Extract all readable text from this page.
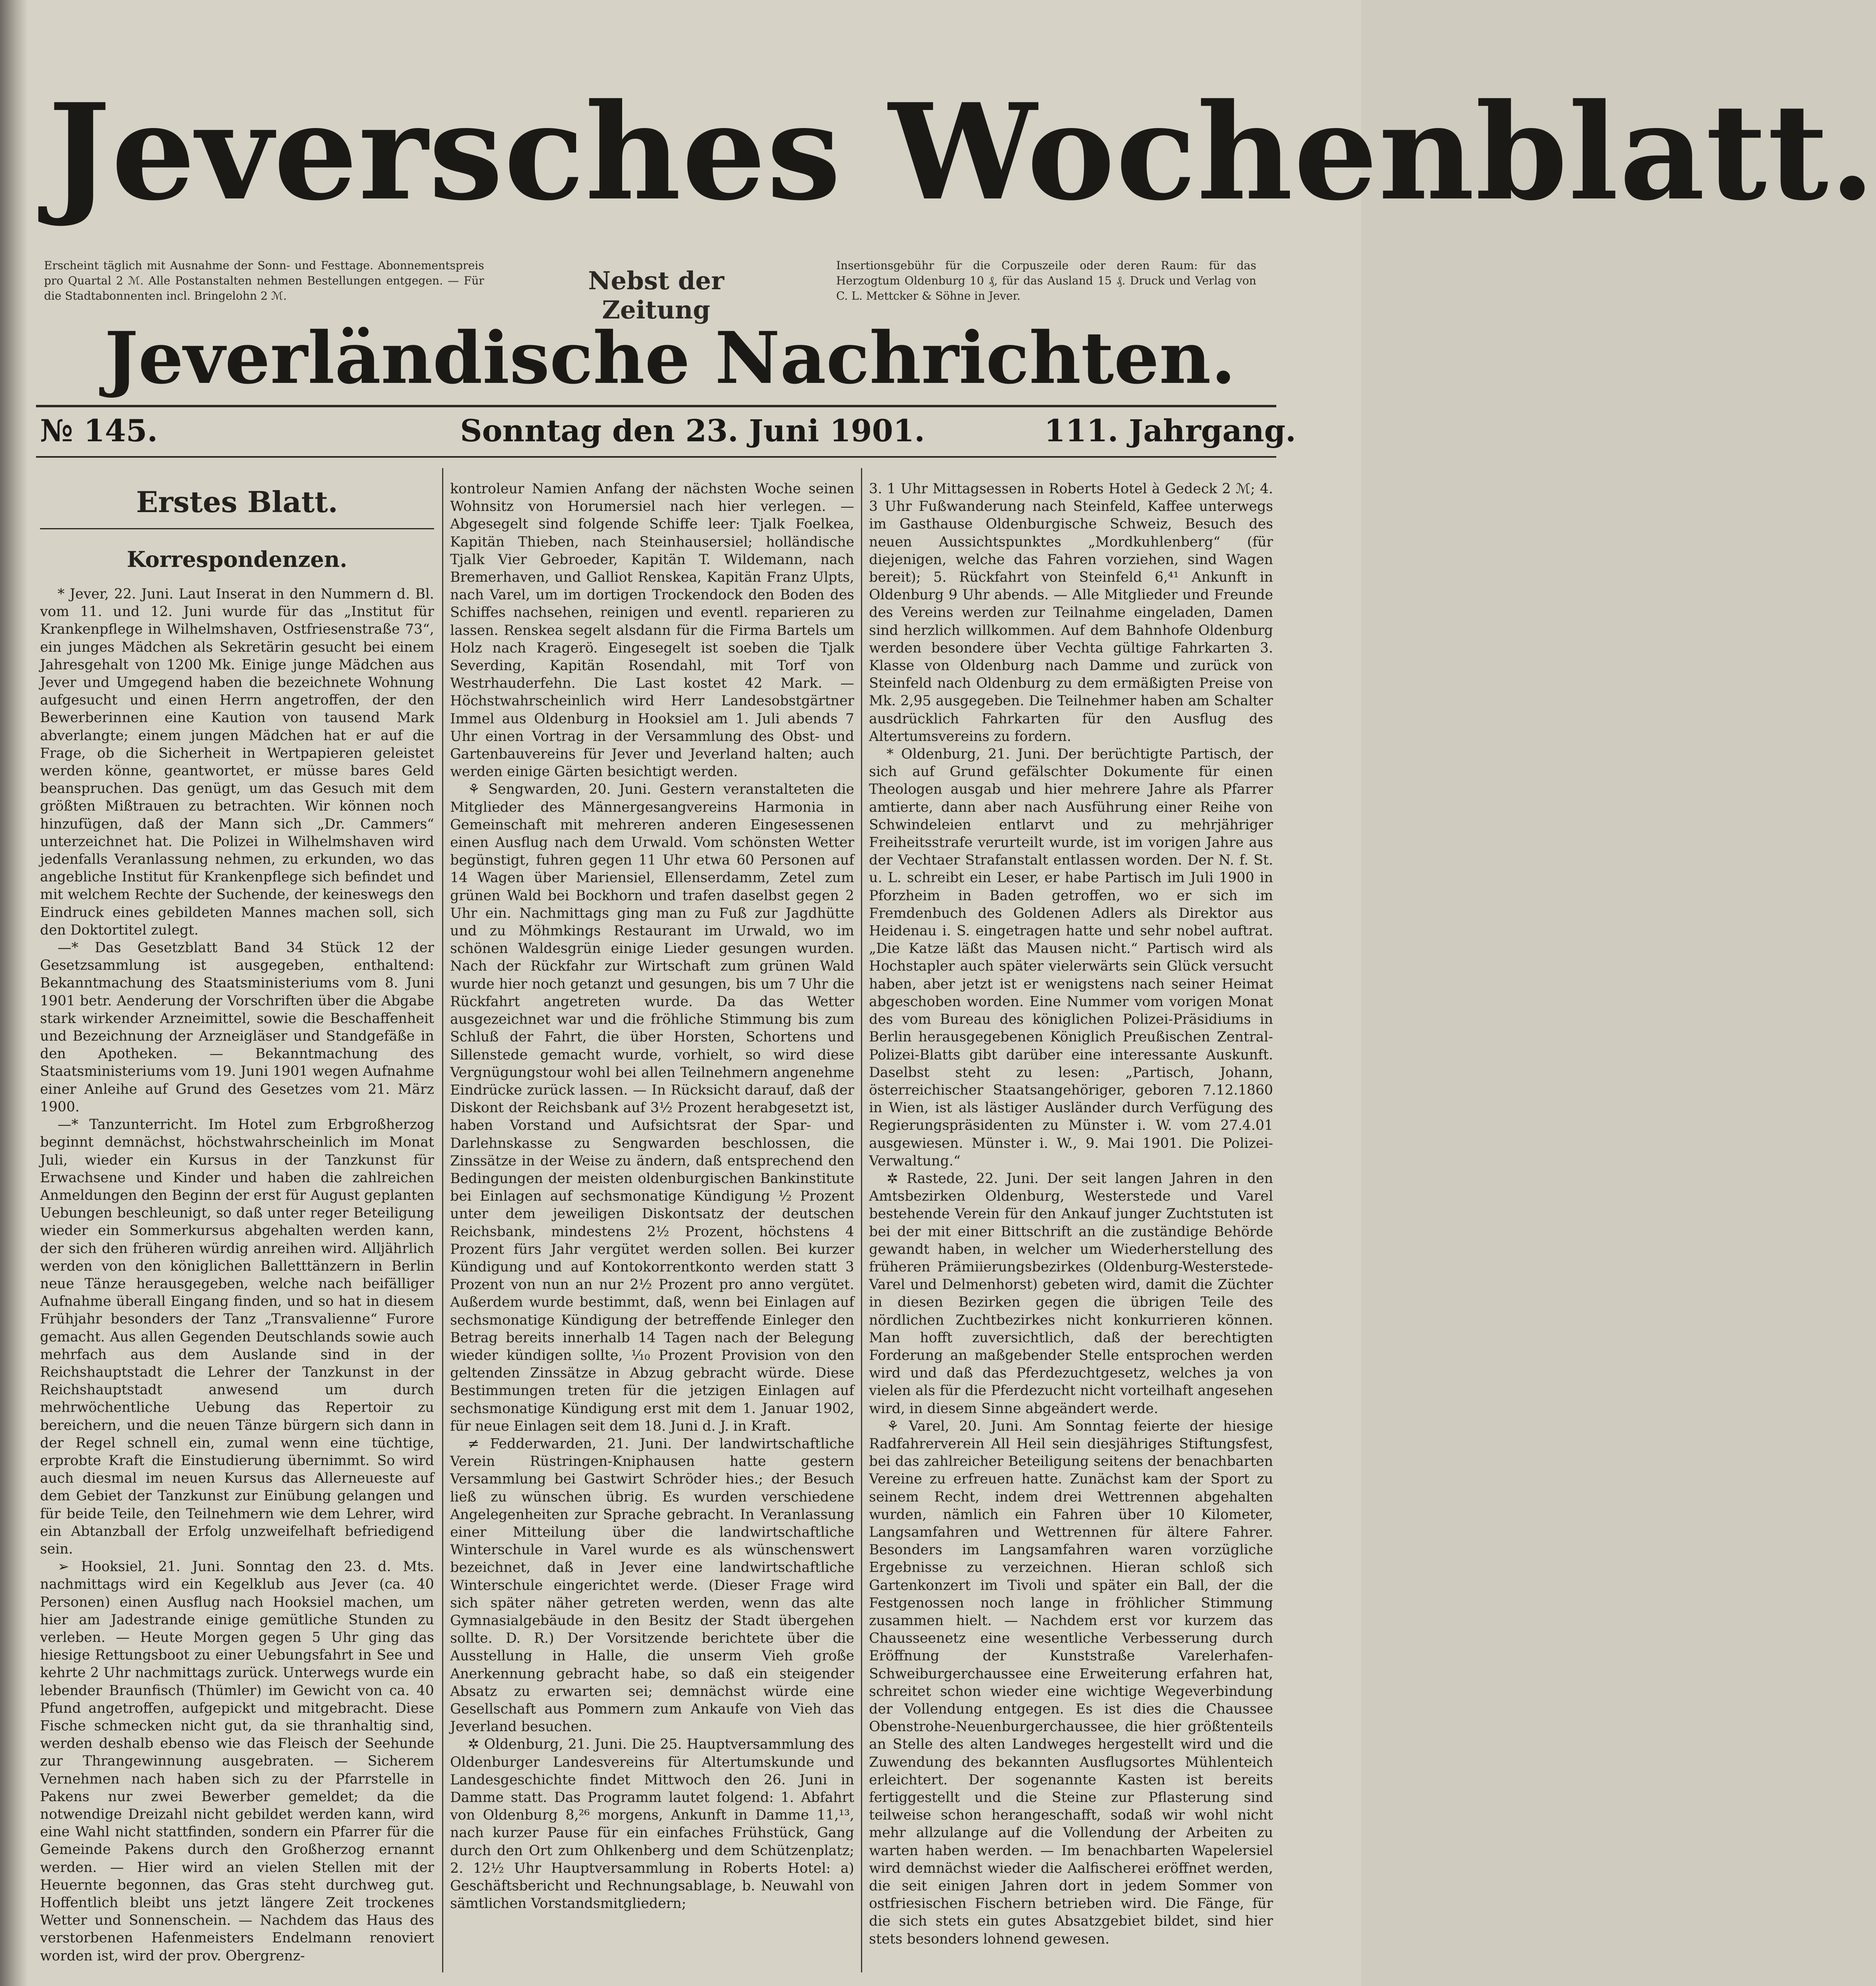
Jeversches Wochenblatt.
Erscheint täglich mit Ausnahme der Sonn- und Festtage. Abonnementspreis pro Quartal 2 ℳ. Alle Postanstalten nehmen Bestellungen entgegen. — Für die Stadtabonnenten incl. Bringelohn 2 ℳ.
Nebst der Zeitung
Insertionsgebühr für die Corpuszeile oder deren Raum: für das Herzogtum Oldenburg 10 ₰, für das Ausland 15 ₰. Druck und Verlag von C. L. Mettcker & Söhne in Jever.
Jeverländische Nachrichten.
№ 145.	Sonntag den 23. Juni 1901.	111. Jahrgang.
Erstes Blatt.
Korrespondenzen.

* Jever, 22. Juni. Laut Inserat in den Nummern d. Bl. vom 11. und 12. Juni wurde für das „Institut für Krankenpflege in Wilhelmshaven, Ostfriesenstraße 73“, ein junges Mädchen als Sekretärin gesucht bei einem Jahresgehalt von 1200 Mk. Einige junge Mädchen aus Jever und Umgegend haben die bezeichnete Wohnung aufgesucht und einen Herrn angetroffen, der den Bewerberinnen eine Kaution von tausend Mark abverlangte; einem jungen Mädchen hat er auf die Frage, ob die Sicherheit in Wertpapieren geleistet werden könne, geantwortet, er müsse bares Geld beanspruchen. Das genügt, um das Gesuch mit dem größten Mißtrauen zu betrachten. Wir können noch hinzufügen, daß der Mann sich „Dr. Cammers“ unterzeichnet hat. Die Polizei in Wilhelmshaven wird jedenfalls Veranlassung nehmen, zu erkunden, wo das angebliche Institut für Krankenpflege sich befindet und mit welchem Rechte der Suchende, der keineswegs den Eindruck eines gebildeten Mannes machen soll, sich den Doktortitel zulegt.

—* Das Gesetzblatt Band 34 Stück 12 der Gesetzsammlung ist ausgegeben, enthaltend: Bekanntmachung des Staatsministeriums vom 8. Juni 1901 betr. Aenderung der Vorschriften über die Abgabe stark wirkender Arzneimittel, sowie die Beschaffenheit und Bezeichnung der Arzneigläser und Standgefäße in den Apotheken. — Bekanntmachung des Staatsministeriums vom 19. Juni 1901 wegen Aufnahme einer Anleihe auf Grund des Gesetzes vom 21. März 1900.

—* Tanzunterricht. Im Hotel zum Erbgroßherzog beginnt demnächst, höchstwahrscheinlich im Monat Juli, wieder ein Kursus in der Tanzkunst für Erwachsene und Kinder und haben die zahlreichen Anmeldungen den Beginn der erst für August geplanten Uebungen beschleunigt, so daß unter reger Beteiligung wieder ein Sommerkursus abgehalten werden kann, der sich den früheren würdig anreihen wird. Alljährlich werden von den königlichen Balletttänzern in Berlin neue Tänze herausgegeben, welche nach beifälliger Aufnahme überall Eingang finden, und so hat in diesem Frühjahr besonders der Tanz „Transvalienne“ Furore gemacht. Aus allen Gegenden Deutschlands sowie auch mehrfach aus dem Auslande sind in der Reichshauptstadt die Lehrer der Tanzkunst in der Reichshauptstadt anwesend um durch mehrwöchentliche Uebung das Repertoir zu bereichern, und die neuen Tänze bürgern sich dann in der Regel schnell ein, zumal wenn eine tüchtige, erprobte Kraft die Einstudierung übernimmt. So wird auch diesmal im neuen Kursus das Allerneueste auf dem Gebiet der Tanzkunst zur Einübung gelangen und für beide Teile, den Teilnehmern wie dem Lehrer, wird ein Abtanzball der Erfolg unzweifelhaft befriedigend sein.

➢ Hooksiel, 21. Juni. Sonntag den 23. d. Mts. nachmittags wird ein Kegelklub aus Jever (ca. 40 Personen) einen Ausflug nach Hooksiel machen, um hier am Jadestrande einige gemütliche Stunden zu verleben. — Heute Morgen gegen 5 Uhr ging das hiesige Rettungsboot zu einer Uebungsfahrt in See und kehrte 2 Uhr nachmittags zurück. Unterwegs wurde ein lebender Braunfisch (Thümler) im Gewicht von ca. 40 Pfund angetroffen, aufgepickt und mitgebracht. Diese Fische schmecken nicht gut, da sie thranhaltig sind, werden deshalb ebenso wie das Fleisch der Seehunde zur Thrangewinnung ausgebraten. — Sicherem Vernehmen nach haben sich zu der Pfarrstelle in Pakens nur zwei Bewerber gemeldet; da die notwendige Dreizahl nicht gebildet werden kann, wird eine Wahl nicht stattfinden, sondern ein Pfarrer für die Gemeinde Pakens durch den Großherzog ernannt werden. — Hier wird an vielen Stellen mit der Heuernte begonnen, das Gras steht durchweg gut. Hoffentlich bleibt uns jetzt längere Zeit trockenes Wetter und Sonnenschein. — Nachdem das Haus des verstorbenen Hafenmeisters Endelmann renoviert worden ist, wird der prov. Obergrenz-

kontroleur Namien Anfang der nächsten Woche seinen Wohnsitz von Horumersiel nach hier verlegen. — Abgesegelt sind folgende Schiffe leer: Tjalk Foelkea, Kapitän Thieben, nach Steinhausersiel; holländische Tjalk Vier Gebroeder, Kapitän T. Wildemann, nach Bremerhaven, und Galliot Renskea, Kapitän Franz Ulpts, nach Varel, um im dortigen Trockendock den Boden des Schiffes nachsehen, reinigen und eventl. reparieren zu lassen. Renskea segelt alsdann für die Firma Bartels um Holz nach Kragerö. Eingesegelt ist soeben die Tjalk Severding, Kapitän Rosendahl, mit Torf von Westrhauderfehn. Die Last kostet 42 Mark. — Höchstwahrscheinlich wird Herr Landesobstgärtner Immel aus Oldenburg in Hooksiel am 1. Juli abends 7 Uhr einen Vortrag in der Versammlung des Obst- und Gartenbauvereins für Jever und Jeverland halten; auch werden einige Gärten besichtigt werden.

⚘ Sengwarden, 20. Juni. Gestern veranstalteten die Mitglieder des Männergesangvereins Harmonia in Gemeinschaft mit mehreren anderen Eingesessenen einen Ausflug nach dem Urwald. Vom schönsten Wetter begünstigt, fuhren gegen 11 Uhr etwa 60 Personen auf 14 Wagen über Mariensiel, Ellenserdamm, Zetel zum grünen Wald bei Bockhorn und trafen daselbst gegen 2 Uhr ein. Nachmittags ging man zu Fuß zur Jagdhütte und zu Möhmkings Restaurant im Urwald, wo im schönen Waldesgrün einige Lieder gesungen wurden. Nach der Rückfahr zur Wirtschaft zum grünen Wald wurde hier noch getanzt und gesungen, bis um 7 Uhr die Rückfahrt angetreten wurde. Da das Wetter ausgezeichnet war und die fröhliche Stimmung bis zum Schluß der Fahrt, die über Horsten, Schortens und Sillenstede gemacht wurde, vorhielt, so wird diese Vergnügungstour wohl bei allen Teilnehmern angenehme Eindrücke zurück lassen. — In Rücksicht darauf, daß der Diskont der Reichsbank auf 3½ Prozent herabgesetzt ist, haben Vorstand und Aufsichtsrat der Spar- und Darlehnskasse zu Sengwarden beschlossen, die Zinssätze in der Weise zu ändern, daß entsprechend den Bedingungen der meisten oldenburgischen Bankinstitute bei Einlagen auf sechsmonatige Kündigung ½ Prozent unter dem jeweiligen Diskontsatz der deutschen Reichsbank, mindestens 2½ Prozent, höchstens 4 Prozent fürs Jahr vergütet werden sollen. Bei kurzer Kündigung und auf Kontokorrentkonto werden statt 3 Prozent von nun an nur 2½ Prozent pro anno vergütet. Außerdem wurde bestimmt, daß, wenn bei Einlagen auf sechsmonatige Kündigung der betreffende Einleger den Betrag bereits innerhalb 14 Tagen nach der Belegung wieder kündigen sollte, ¹⁄₁₀ Prozent Provision von den geltenden Zinssätze in Abzug gebracht würde. Diese Bestimmungen treten für die jetzigen Einlagen auf sechsmonatige Kündigung erst mit dem 1. Januar 1902, für neue Einlagen seit dem 18. Juni d. J. in Kraft.

≠ Fedderwarden, 21. Juni. Der landwirtschaftliche Verein Rüstringen-Kniphausen hatte gestern Versammlung bei Gastwirt Schröder hies.; der Besuch ließ zu wünschen übrig. Es wurden verschiedene Angelegenheiten zur Sprache gebracht. In Veranlassung einer Mitteilung über die landwirtschaftliche Winterschule in Varel wurde es als wünschenswert bezeichnet, daß in Jever eine landwirtschaftliche Winterschule eingerichtet werde. (Dieser Frage wird sich später näher getreten werden, wenn das alte Gymnasialgebäude in den Besitz der Stadt übergehen sollte. D. R.) Der Vorsitzende berichtete über die Ausstellung in Halle, die unserm Vieh große Anerkennung gebracht habe, so daß ein steigender Absatz zu erwarten sei; demnächst würde eine Gesellschaft aus Pommern zum Ankaufe von Vieh das Jeverland besuchen.

✲ Oldenburg, 21. Juni. Die 25. Hauptversammlung des Oldenburger Landesvereins für Altertumskunde und Landesgeschichte findet Mittwoch den 26. Juni in Damme statt. Das Programm lautet folgend: 1. Abfahrt von Oldenburg 8,²⁶ morgens, Ankunft in Damme 11,¹³, nach kurzer Pause für ein einfaches Frühstück, Gang durch den Ort zum Ohlkenberg und dem Schützenplatz; 2. 12½ Uhr Hauptversammlung in Roberts Hotel: a) Geschäftsbericht und Rechnungsablage, b. Neuwahl von sämtlichen Vorstandsmitgliedern;

3. 1 Uhr Mittagsessen in Roberts Hotel à Gedeck 2 ℳ; 4. 3 Uhr Fußwanderung nach Steinfeld, Kaffee unterwegs im Gasthause Oldenburgische Schweiz, Besuch des neuen Aussichtspunktes „Mordkuhlenberg“ (für diejenigen, welche das Fahren vorziehen, sind Wagen bereit); 5. Rückfahrt von Steinfeld 6,⁴¹ Ankunft in Oldenburg 9 Uhr abends. — Alle Mitglieder und Freunde des Vereins werden zur Teilnahme eingeladen, Damen sind herzlich willkommen. Auf dem Bahnhofe Oldenburg werden besondere über Vechta gültige Fahrkarten 3. Klasse von Oldenburg nach Damme und zurück von Steinfeld nach Oldenburg zu dem ermäßigten Preise von Mk. 2,95 ausgegeben. Die Teilnehmer haben am Schalter ausdrücklich Fahrkarten für den Ausflug des Altertumsvereins zu fordern.

* Oldenburg, 21. Juni. Der berüchtigte Partisch, der sich auf Grund gefälschter Dokumente für einen Theologen ausgab und hier mehrere Jahre als Pfarrer amtierte, dann aber nach Ausführung einer Reihe von Schwindeleien entlarvt und zu mehrjähriger Freiheitsstrafe verurteilt wurde, ist im vorigen Jahre aus der Vechtaer Strafanstalt entlassen worden. Der N. f. St. u. L. schreibt ein Leser, er habe Partisch im Juli 1900 in Pforzheim in Baden getroffen, wo er sich im Fremdenbuch des Goldenen Adlers als Direktor aus Heidenau i. S. eingetragen hatte und sehr nobel auftrat. „Die Katze läßt das Mausen nicht.“ Partisch wird als Hochstapler auch später vielerwärts sein Glück versucht haben, aber jetzt ist er wenigstens nach seiner Heimat abgeschoben worden. Eine Nummer vom vorigen Monat des vom Bureau des königlichen Polizei-Präsidiums in Berlin herausgegebenen Königlich Preußischen Zentral-Polizei-Blatts gibt darüber eine interessante Auskunft. Daselbst steht zu lesen: „Partisch, Johann, österreichischer Staatsangehöriger, geboren 7.12.1860 in Wien, ist als lästiger Ausländer durch Verfügung des Regierungspräsidenten zu Münster i. W. vom 27.4.01 ausgewiesen. Münster i. W., 9. Mai 1901. Die Polizei-Verwaltung.“

✲ Rastede, 22. Juni. Der seit langen Jahren in den Amtsbezirken Oldenburg, Westerstede und Varel bestehende Verein für den Ankauf junger Zuchtstuten ist bei der mit einer Bittschrift an die zuständige Behörde gewandt haben, in welcher um Wiederherstellung des früheren Prämiierungsbezirkes (Oldenburg-Westerstede-Varel und Delmenhorst) gebeten wird, damit die Züchter in diesen Bezirken gegen die übrigen Teile des nördlichen Zuchtbezirkes nicht konkurrieren können. Man hofft zuversichtlich, daß der berechtigten Forderung an maßgebender Stelle entsprochen werden wird und daß das Pferdezuchtgesetz, welches ja von vielen als für die Pferdezucht nicht vorteilhaft angesehen wird, in diesem Sinne abgeändert werde.

⚘ Varel, 20. Juni. Am Sonntag feierte der hiesige Radfahrerverein All Heil sein diesjähriges Stiftungsfest, bei das zahlreicher Beteiligung seitens der benachbarten Vereine zu erfreuen hatte. Zunächst kam der Sport zu seinem Recht, indem drei Wettrennen abgehalten wurden, nämlich ein Fahren über 10 Kilometer, Langsamfahren und Wettrennen für ältere Fahrer. Besonders im Langsamfahren waren vorzügliche Ergebnisse zu verzeichnen. Hieran schloß sich Gartenkonzert im Tivoli und später ein Ball, der die Festgenossen noch lange in fröhlicher Stimmung zusammen hielt. — Nachdem erst vor kurzem das Chausseenetz eine wesentliche Verbesserung durch Eröffnung der Kunststraße Varelerhafen-Schweiburgerchaussee eine Erweiterung erfahren hat, schreitet schon wieder eine wichtige Wegeverbindung der Vollendung entgegen. Es ist dies die Chaussee Obenstrohe-Neuenburgerchaussee, die hier größtenteils an Stelle des alten Landweges hergestellt wird und die Zuwendung des bekannten Ausflugsortes Mühlenteich erleichtert. Der sogenannte Kasten ist bereits fertiggestellt und die Steine zur Pflasterung sind teilweise schon herangeschafft, sodaß wir wohl nicht mehr allzulange auf die Vollendung der Arbeiten zu warten haben werden. — Im benachbarten Wapelersiel wird demnächst wieder die Aalfischerei eröffnet werden, die seit einigen Jahren dort in jedem Sommer von ostfriesischen Fischern betrieben wird. Die Fänge, für die sich stets ein gutes Absatzgebiet bildet, sind hier stets besonders lohnend gewesen.
